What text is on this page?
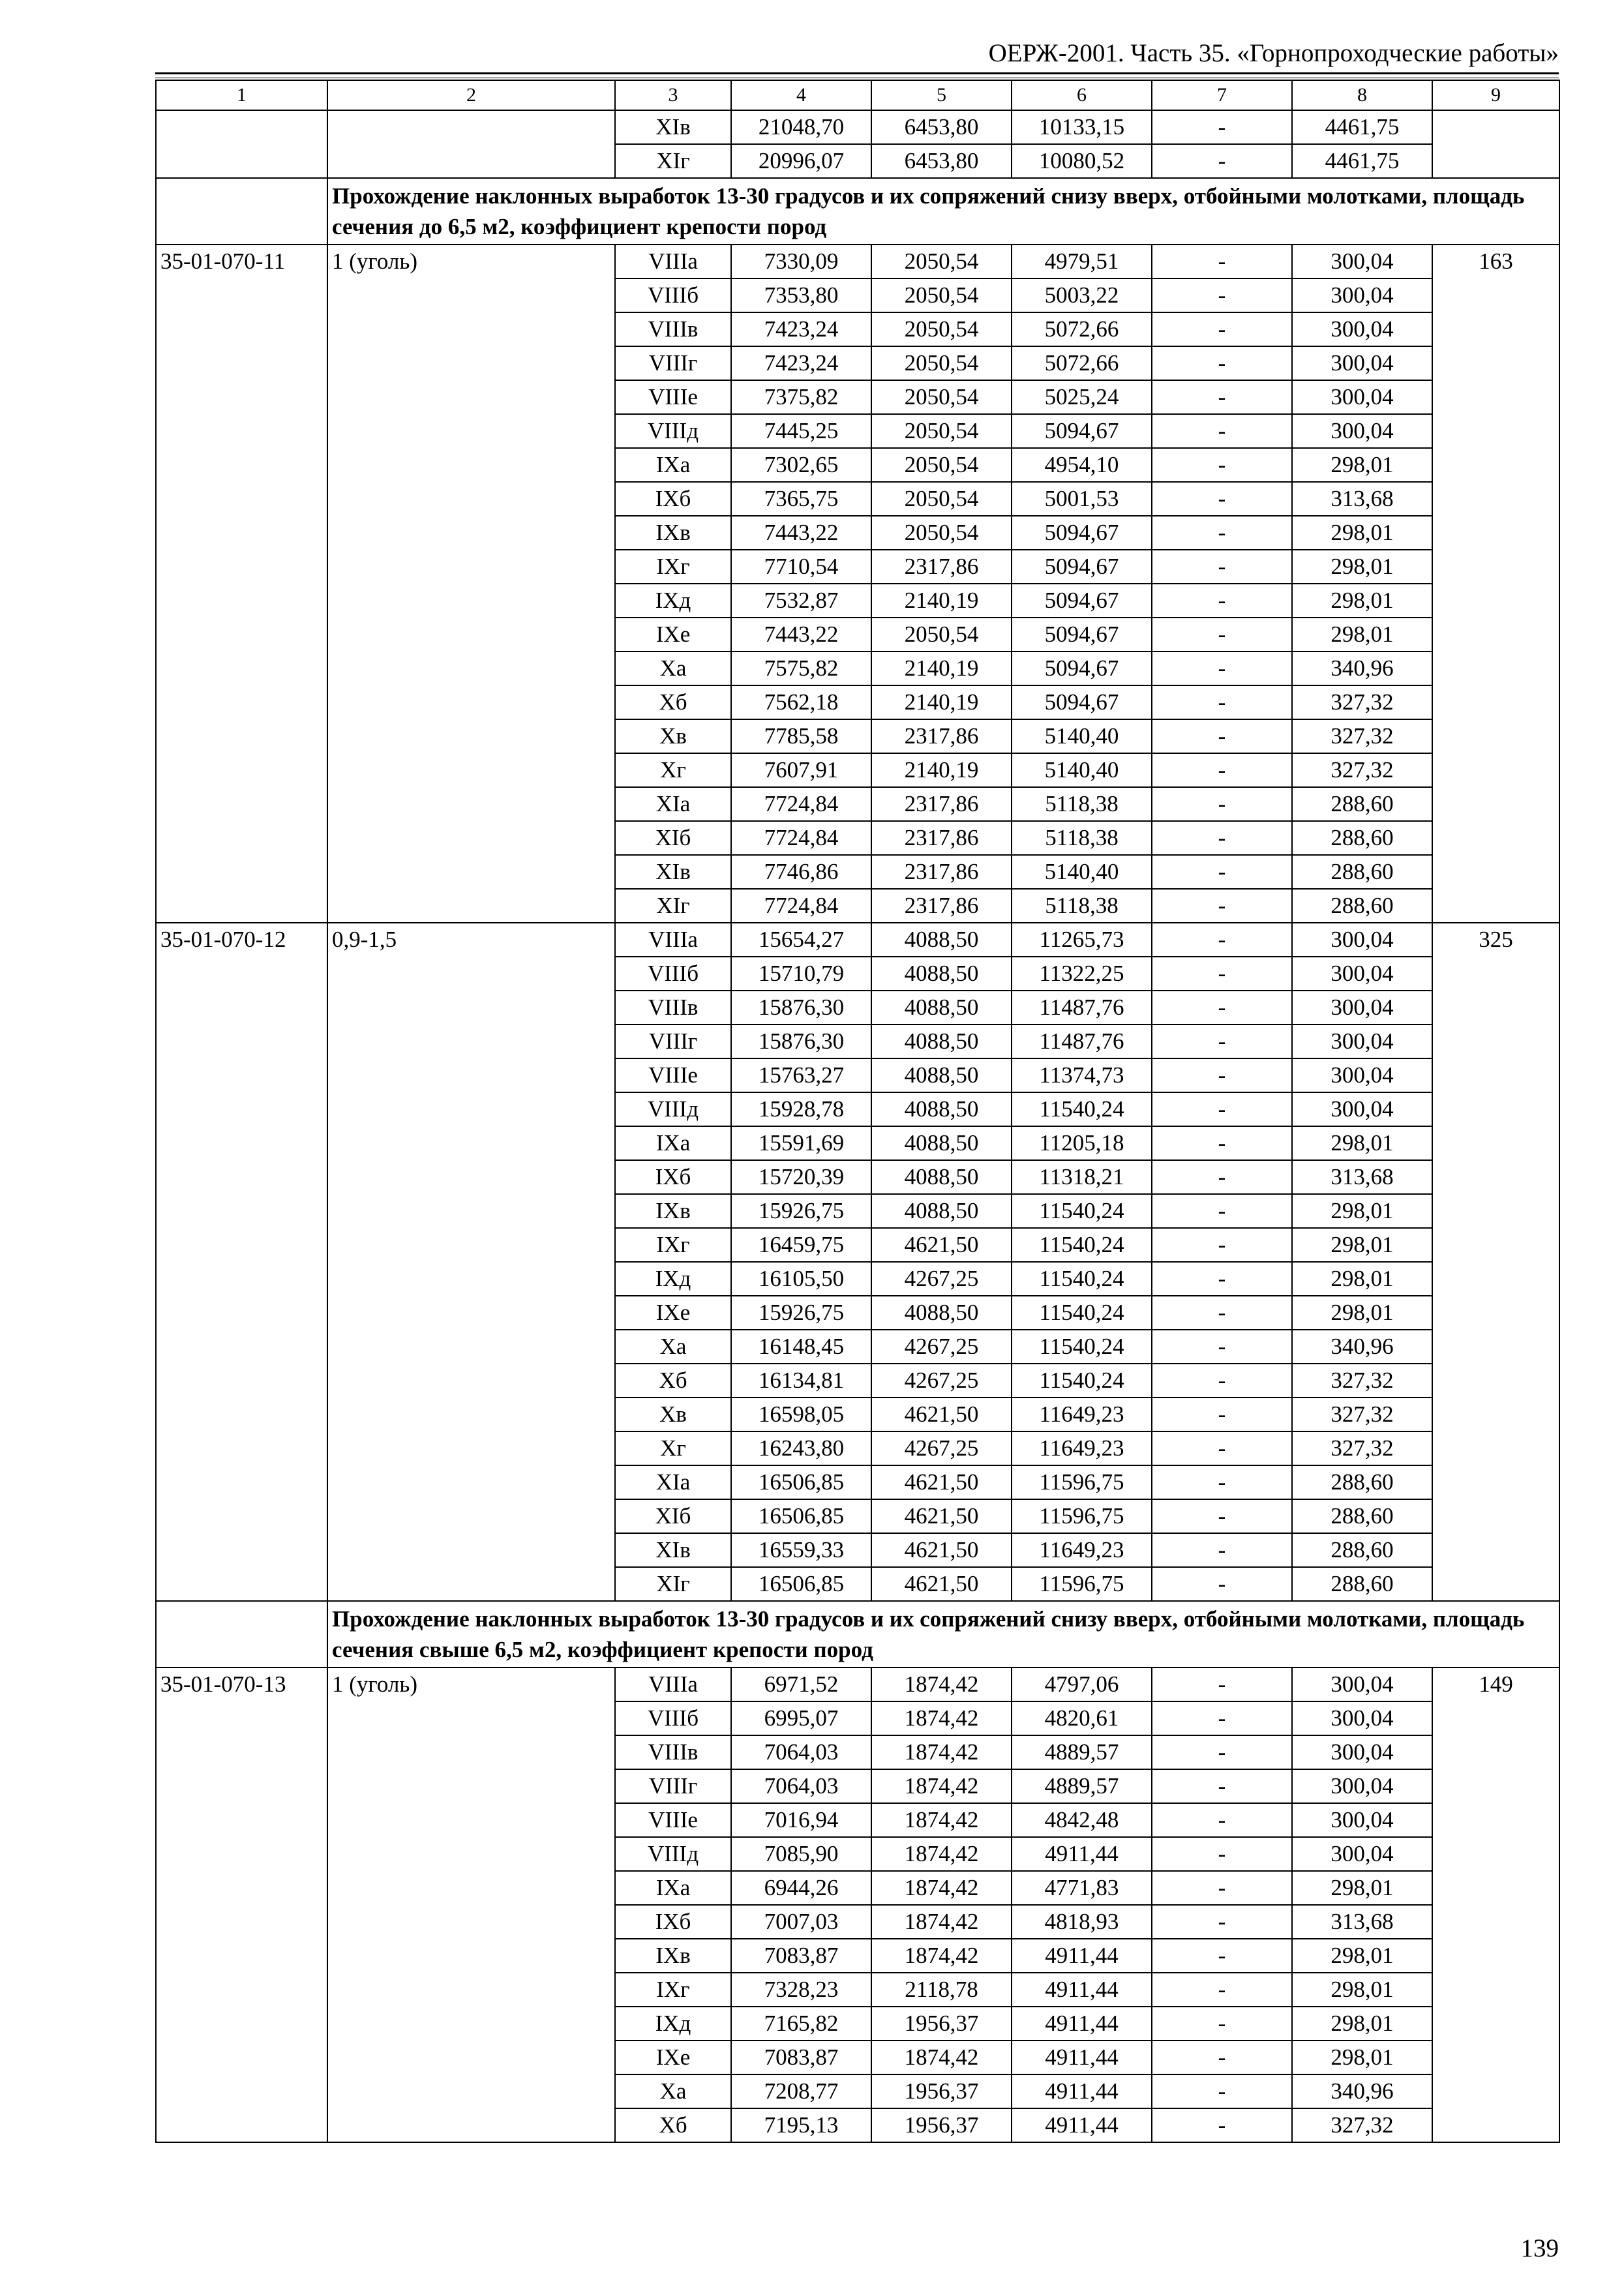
ОЕРЖ-2001. Часть 35. «Горнопроходческие работы»
1	2	3	4	5	6	7	8	9
		XIв	21048,70	6453,80	10133,15	-	4461,75	
		XIг	20996,07	6453,80	10080,52	-	4461,75	
	Прохождение наклонных выработок 13-30 градусов и их сопряжений снизу вверх, отбойными молотками, площадь сечения до 6,5 м2, коэффициент крепости пород							
35-01-070-11	1 (уголь)	VIIIа	7330,09	2050,54	4979,51	-	300,04	163
		VIIIб	7353,80	2050,54	5003,22	-	300,04	
		VIIIв	7423,24	2050,54	5072,66	-	300,04	
		VIIIг	7423,24	2050,54	5072,66	-	300,04	
		VIIIе	7375,82	2050,54	5025,24	-	300,04	
		VIIIд	7445,25	2050,54	5094,67	-	300,04	
		IXа	7302,65	2050,54	4954,10	-	298,01	
		IXб	7365,75	2050,54	5001,53	-	313,68	
		IXв	7443,22	2050,54	5094,67	-	298,01	
		IXг	7710,54	2317,86	5094,67	-	298,01	
		IXд	7532,87	2140,19	5094,67	-	298,01	
		IXе	7443,22	2050,54	5094,67	-	298,01	
		Xа	7575,82	2140,19	5094,67	-	340,96	
		Xб	7562,18	2140,19	5094,67	-	327,32	
		Xв	7785,58	2317,86	5140,40	-	327,32	
		Xг	7607,91	2140,19	5140,40	-	327,32	
		XIа	7724,84	2317,86	5118,38	-	288,60	
		XIб	7724,84	2317,86	5118,38	-	288,60	
		XIв	7746,86	2317,86	5140,40	-	288,60	
		XIг	7724,84	2317,86	5118,38	-	288,60	
35-01-070-12	0,9-1,5	VIIIа	15654,27	4088,50	11265,73	-	300,04	325
		VIIIб	15710,79	4088,50	11322,25	-	300,04	
		VIIIв	15876,30	4088,50	11487,76	-	300,04	
		VIIIг	15876,30	4088,50	11487,76	-	300,04	
		VIIIе	15763,27	4088,50	11374,73	-	300,04	
		VIIIд	15928,78	4088,50	11540,24	-	300,04	
		IXа	15591,69	4088,50	11205,18	-	298,01	
		IXб	15720,39	4088,50	11318,21	-	313,68	
		IXв	15926,75	4088,50	11540,24	-	298,01	
		IXг	16459,75	4621,50	11540,24	-	298,01	
		IXд	16105,50	4267,25	11540,24	-	298,01	
		IXе	15926,75	4088,50	11540,24	-	298,01	
		Xа	16148,45	4267,25	11540,24	-	340,96	
		Xб	16134,81	4267,25	11540,24	-	327,32	
		Xв	16598,05	4621,50	11649,23	-	327,32	
		Xг	16243,80	4267,25	11649,23	-	327,32	
		XIа	16506,85	4621,50	11596,75	-	288,60	
		XIб	16506,85	4621,50	11596,75	-	288,60	
		XIв	16559,33	4621,50	11649,23	-	288,60	
		XIг	16506,85	4621,50	11596,75	-	288,60	
	Прохождение наклонных выработок 13-30 градусов и их сопряжений снизу вверх, отбойными молотками, площадь сечения свыше 6,5 м2, коэффициент крепости пород							
35-01-070-13	1 (уголь)	VIIIа	6971,52	1874,42	4797,06	-	300,04	149
		VIIIб	6995,07	1874,42	4820,61	-	300,04	
		VIIIв	7064,03	1874,42	4889,57	-	300,04	
		VIIIг	7064,03	1874,42	4889,57	-	300,04	
		VIIIе	7016,94	1874,42	4842,48	-	300,04	
		VIIIд	7085,90	1874,42	4911,44	-	300,04	
		IXа	6944,26	1874,42	4771,83	-	298,01	
		IXб	7007,03	1874,42	4818,93	-	313,68	
		IXв	7083,87	1874,42	4911,44	-	298,01	
		IXг	7328,23	2118,78	4911,44	-	298,01	
		IXд	7165,82	1956,37	4911,44	-	298,01	
		IXе	7083,87	1874,42	4911,44	-	298,01	
		Xа	7208,77	1956,37	4911,44	-	340,96	
		Xб	7195,13	1956,37	4911,44	-	327,32	
139
